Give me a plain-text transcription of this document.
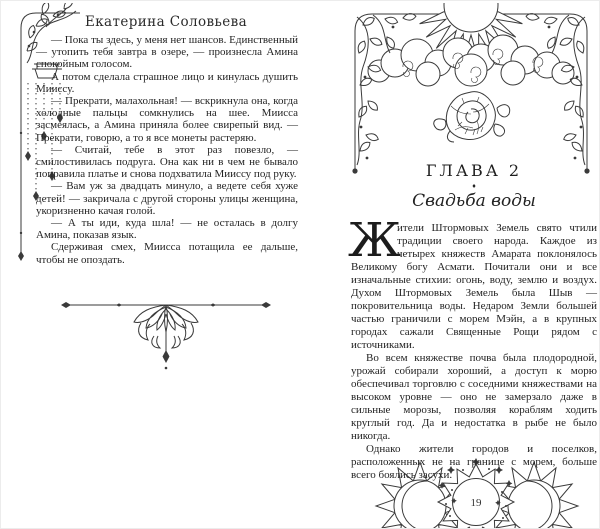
Екатерина Соловьева

— Пока ты здесь, у меня нет шансов. Единственный — утопить тебя завтра в озере, — произнесла Амина спокойным голосом.

А потом сделала страшное лицо и кинулась душить Мииссу.

— Прекрати, малахольная! — вскрикнула она, когда холодные пальцы сомкнулись на шее. Миисса засмеялась, а Амина приняла более свирепый вид. — Прекрати, говорю, а то я все монеты растеряю.

— Считай, тебе в этот раз повезло, — смилостивилась подруга. Она как ни в чем не бывало поправила платье и снова подхватила Мииссу под руку.

— Вам уж за двадцать минуло, а ведете себя хуже детей! — закричала с другой стороны улицы женщина, укоризненно качая голой.

— А ты иди, куда шла! — не осталась в долгу Амина, показав язык.

Сдерживая смех, Миисса потащила ее дальше, чтобы не опоздать.

ГЛАВА 2
♦
Свадьба воды

Ж
ители Штормовых Земель свято чтили традиции своего народа. Каждое из четырех княжеств Амарата поклонялось Великому богу Асмати. Почитали они и все изначальные стихии: огонь, воду, землю и воздух. Духом Штормовых Земель была Шыв — покровительница воды. Недаром Земли большей частью граничили с морем Мэйн, а в крупных городах сажали Священные Рощи рядом с источниками.

Во всем княжестве почва была плодородной, урожай собирали хороший, а доступ к морю обеспечивал торговлю с соседними княжествами на высоком уровне — оно не замерзало даже в сильные морозы, позволяя кораблям ходить круглый год. Да и недостатка в рыбе не было никогда.

Однако жители городов и поселков, расположенных не на границе с морем, больше всего боялись засухи.

19
